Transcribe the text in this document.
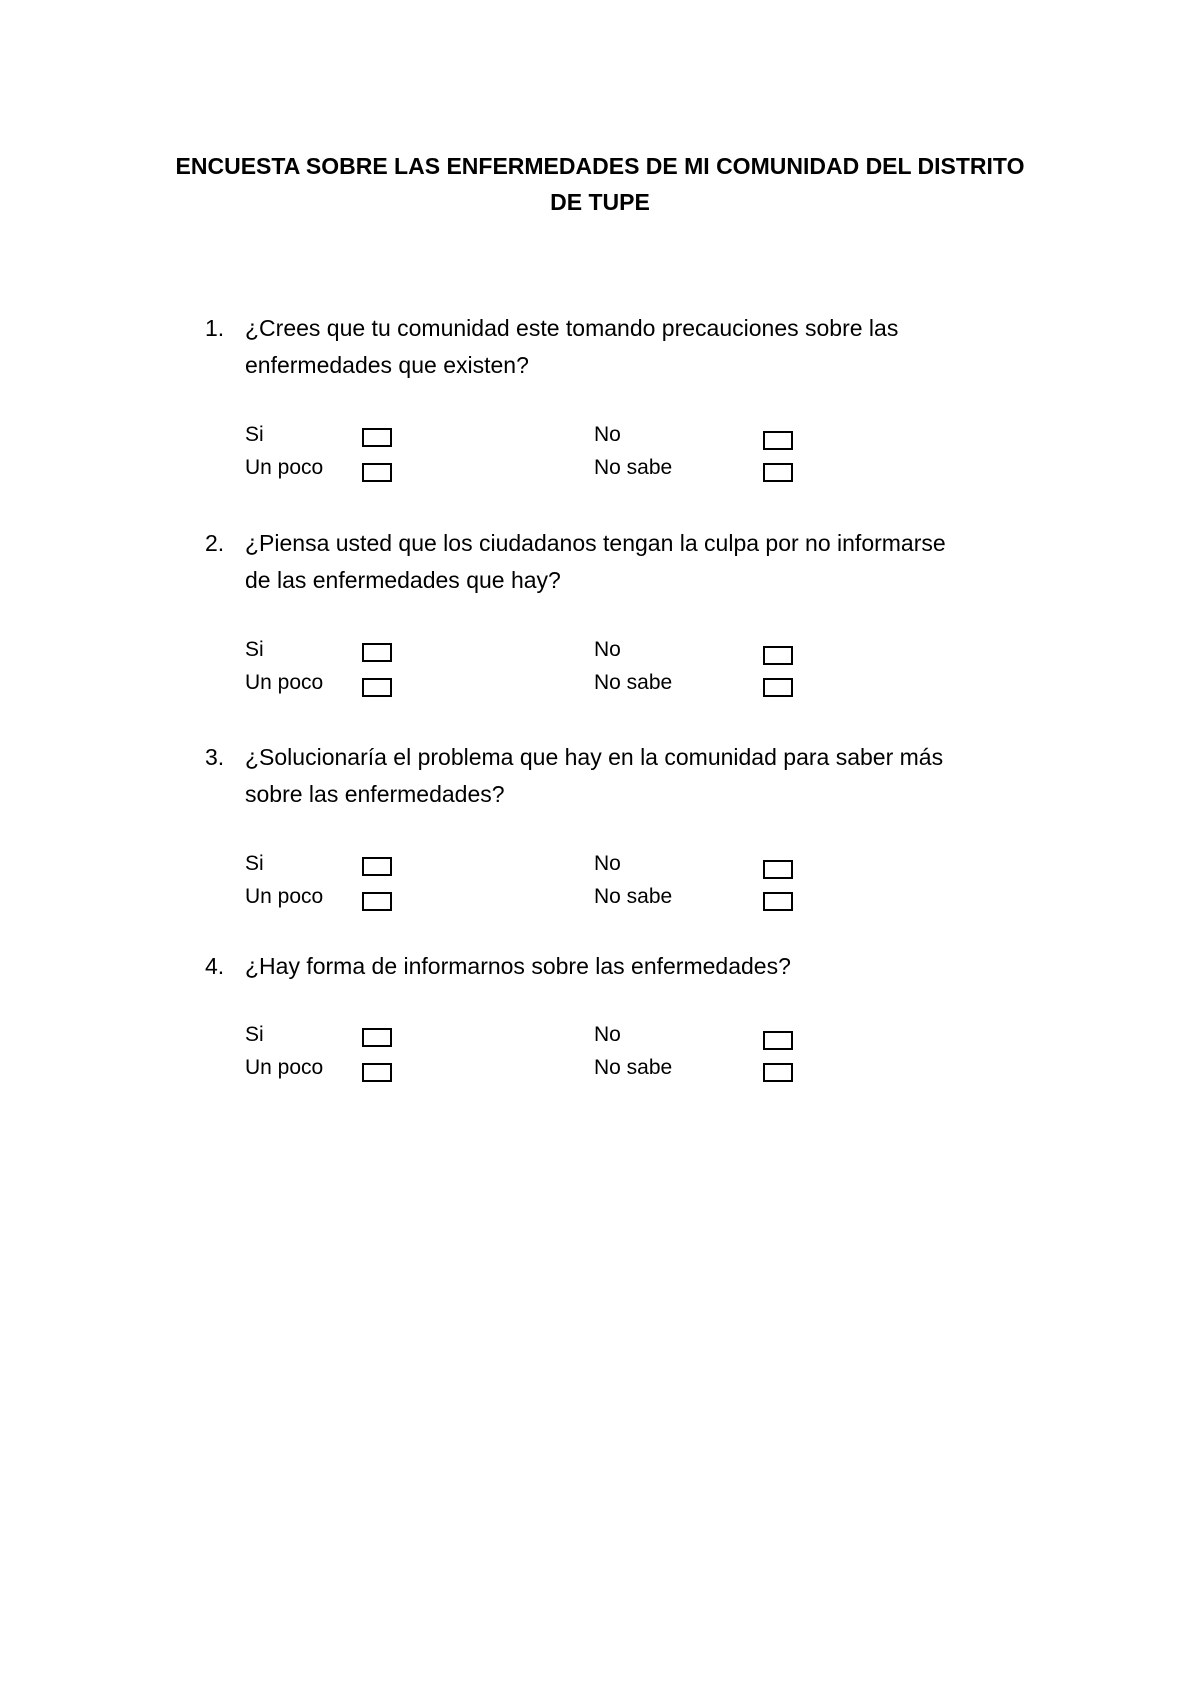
ENCUESTA SOBRE LAS ENFERMEDADES DE MI COMUNIDAD DEL DISTRITO
DE TUPE
1. ¿Crees que tu comunidad este tomando precauciones sobre las
enfermedades que existen?
Si
Un poco
No
No sabe
2. ¿Piensa usted que los ciudadanos tengan la culpa por no informarse
de las enfermedades que hay?
Si
Un poco
No
No sabe
3. ¿Solucionaría el problema que hay en la comunidad para saber más
sobre las enfermedades?
Si
Un poco
No
No sabe
4. ¿Hay forma de informarnos sobre las enfermedades?
Si
Un poco
No
No sabe
